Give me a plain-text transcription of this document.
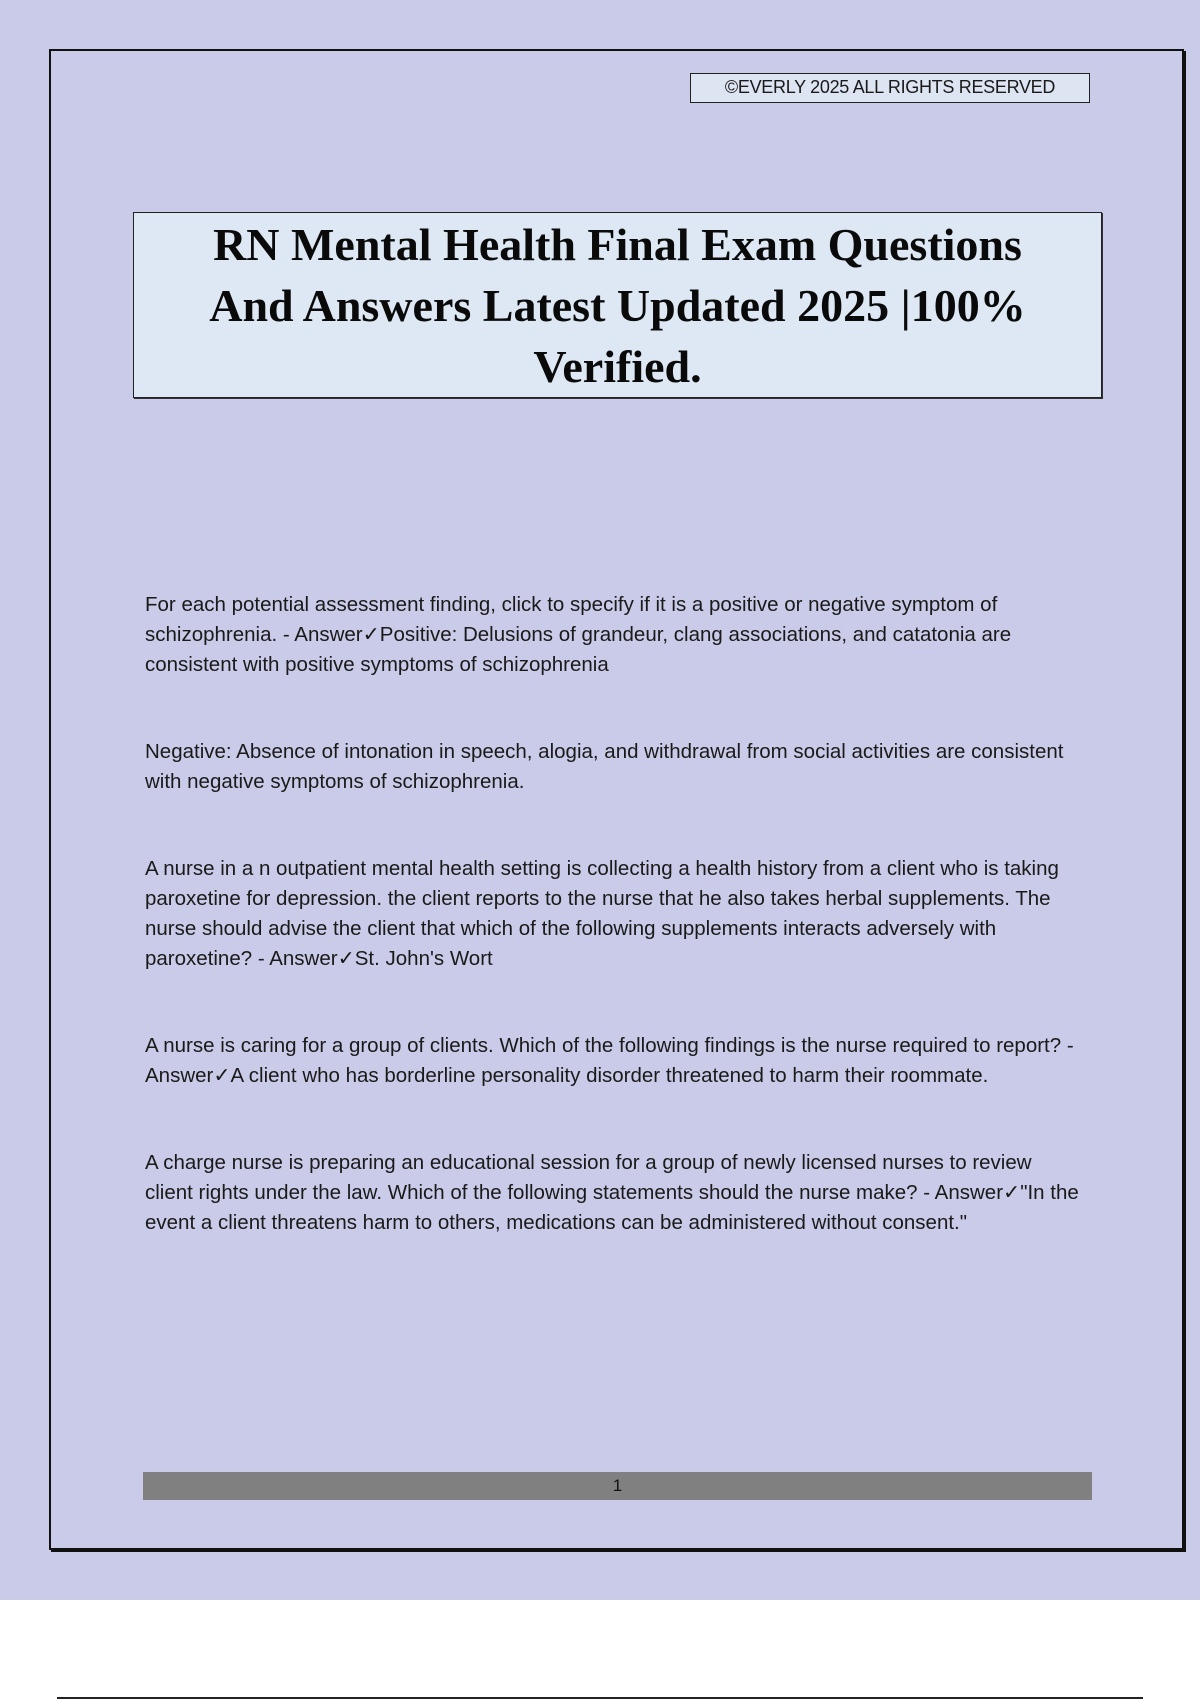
©EVERLY 2025 ALL RIGHTS RESERVED
RN Mental Health Final Exam Questions
And Answers Latest Updated 2025 |100%
Verified.

For each potential assessment finding, click to specify if it is a positive or negative symptom of schizophrenia. - Answer✓Positive: Delusions of grandeur, clang associations, and catatonia are consistent with positive symptoms of schizophrenia

Negative: Absence of intonation in speech, alogia, and withdrawal from social activities are consistent with negative symptoms of schizophrenia.

A nurse in a n outpatient mental health setting is collecting a health history from a client who is taking paroxetine for depression. the client reports to the nurse that he also takes herbal supplements. The nurse should advise the client that which of the following supplements interacts adversely with paroxetine? - Answer✓St. John's Wort

A nurse is caring for a group of clients. Which of the following findings is the nurse required to report? - Answer✓A client who has borderline personality disorder threatened to harm their roommate.

A charge nurse is preparing an educational session for a group of newly licensed nurses to review client rights under the law. Which of the following statements should the nurse make? - Answer✓"In the event a client threatens harm to others, medications can be administered without consent."

1
